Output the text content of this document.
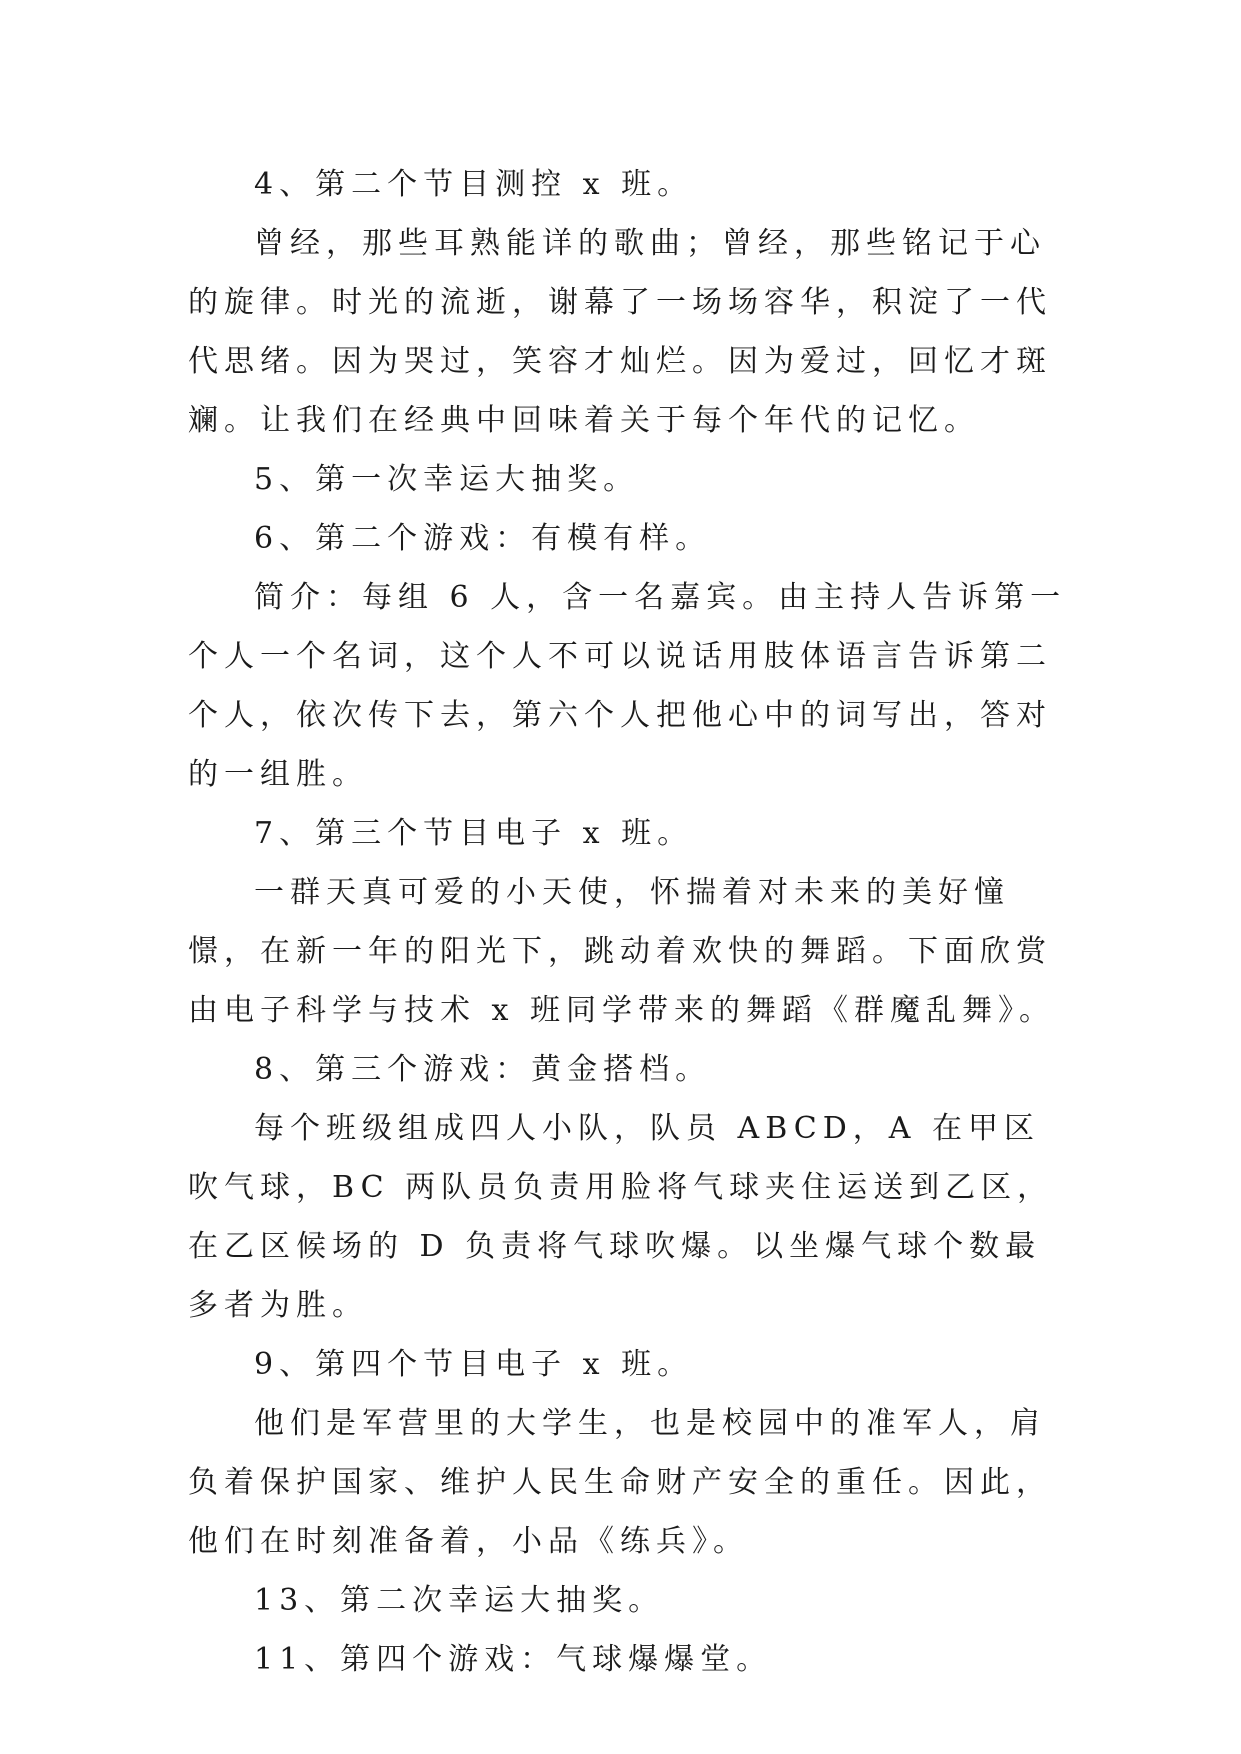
4、第二个节目测控 x 班。

曾经，那些耳熟能详的歌曲；曾经，那些铭记于心的旋律。时光的流逝，谢幕了一场场容华，积淀了一代代思绪。因为哭过，笑容才灿烂。因为爱过，回忆才斑斓。让我们在经典中回味着关于每个年代的记忆。

5、第一次幸运大抽奖。

6、第二个游戏：有模有样。

简介：每组 6 人，含一名嘉宾。由主持人告诉第一个人一个名词，这个人不可以说话用肢体语言告诉第二个人，依次传下去，第六个人把他心中的词写出，答对的一组胜。

7、第三个节目电子 x 班。

一群天真可爱的小天使，怀揣着对未来的美好憧憬，在新一年的阳光下，跳动着欢快的舞蹈。下面欣赏由电子科学与技术 x 班同学带来的舞蹈《群魔乱舞》。

8、第三个游戏：黄金搭档。

每个班级组成四人小队，队员 ABCD，A 在甲区吹气球，BC 两队员负责用脸将气球夹住运送到乙区，在乙区候场的 D 负责将气球吹爆。以坐爆气球个数最多者为胜。

9、第四个节目电子 x 班。

他们是军营里的大学生，也是校园中的准军人，肩负着保护国家、维护人民生命财产安全的重任。因此，他们在时刻准备着，小品《练兵》。

13、第二次幸运大抽奖。

11、第四个游戏：气球爆爆堂。
